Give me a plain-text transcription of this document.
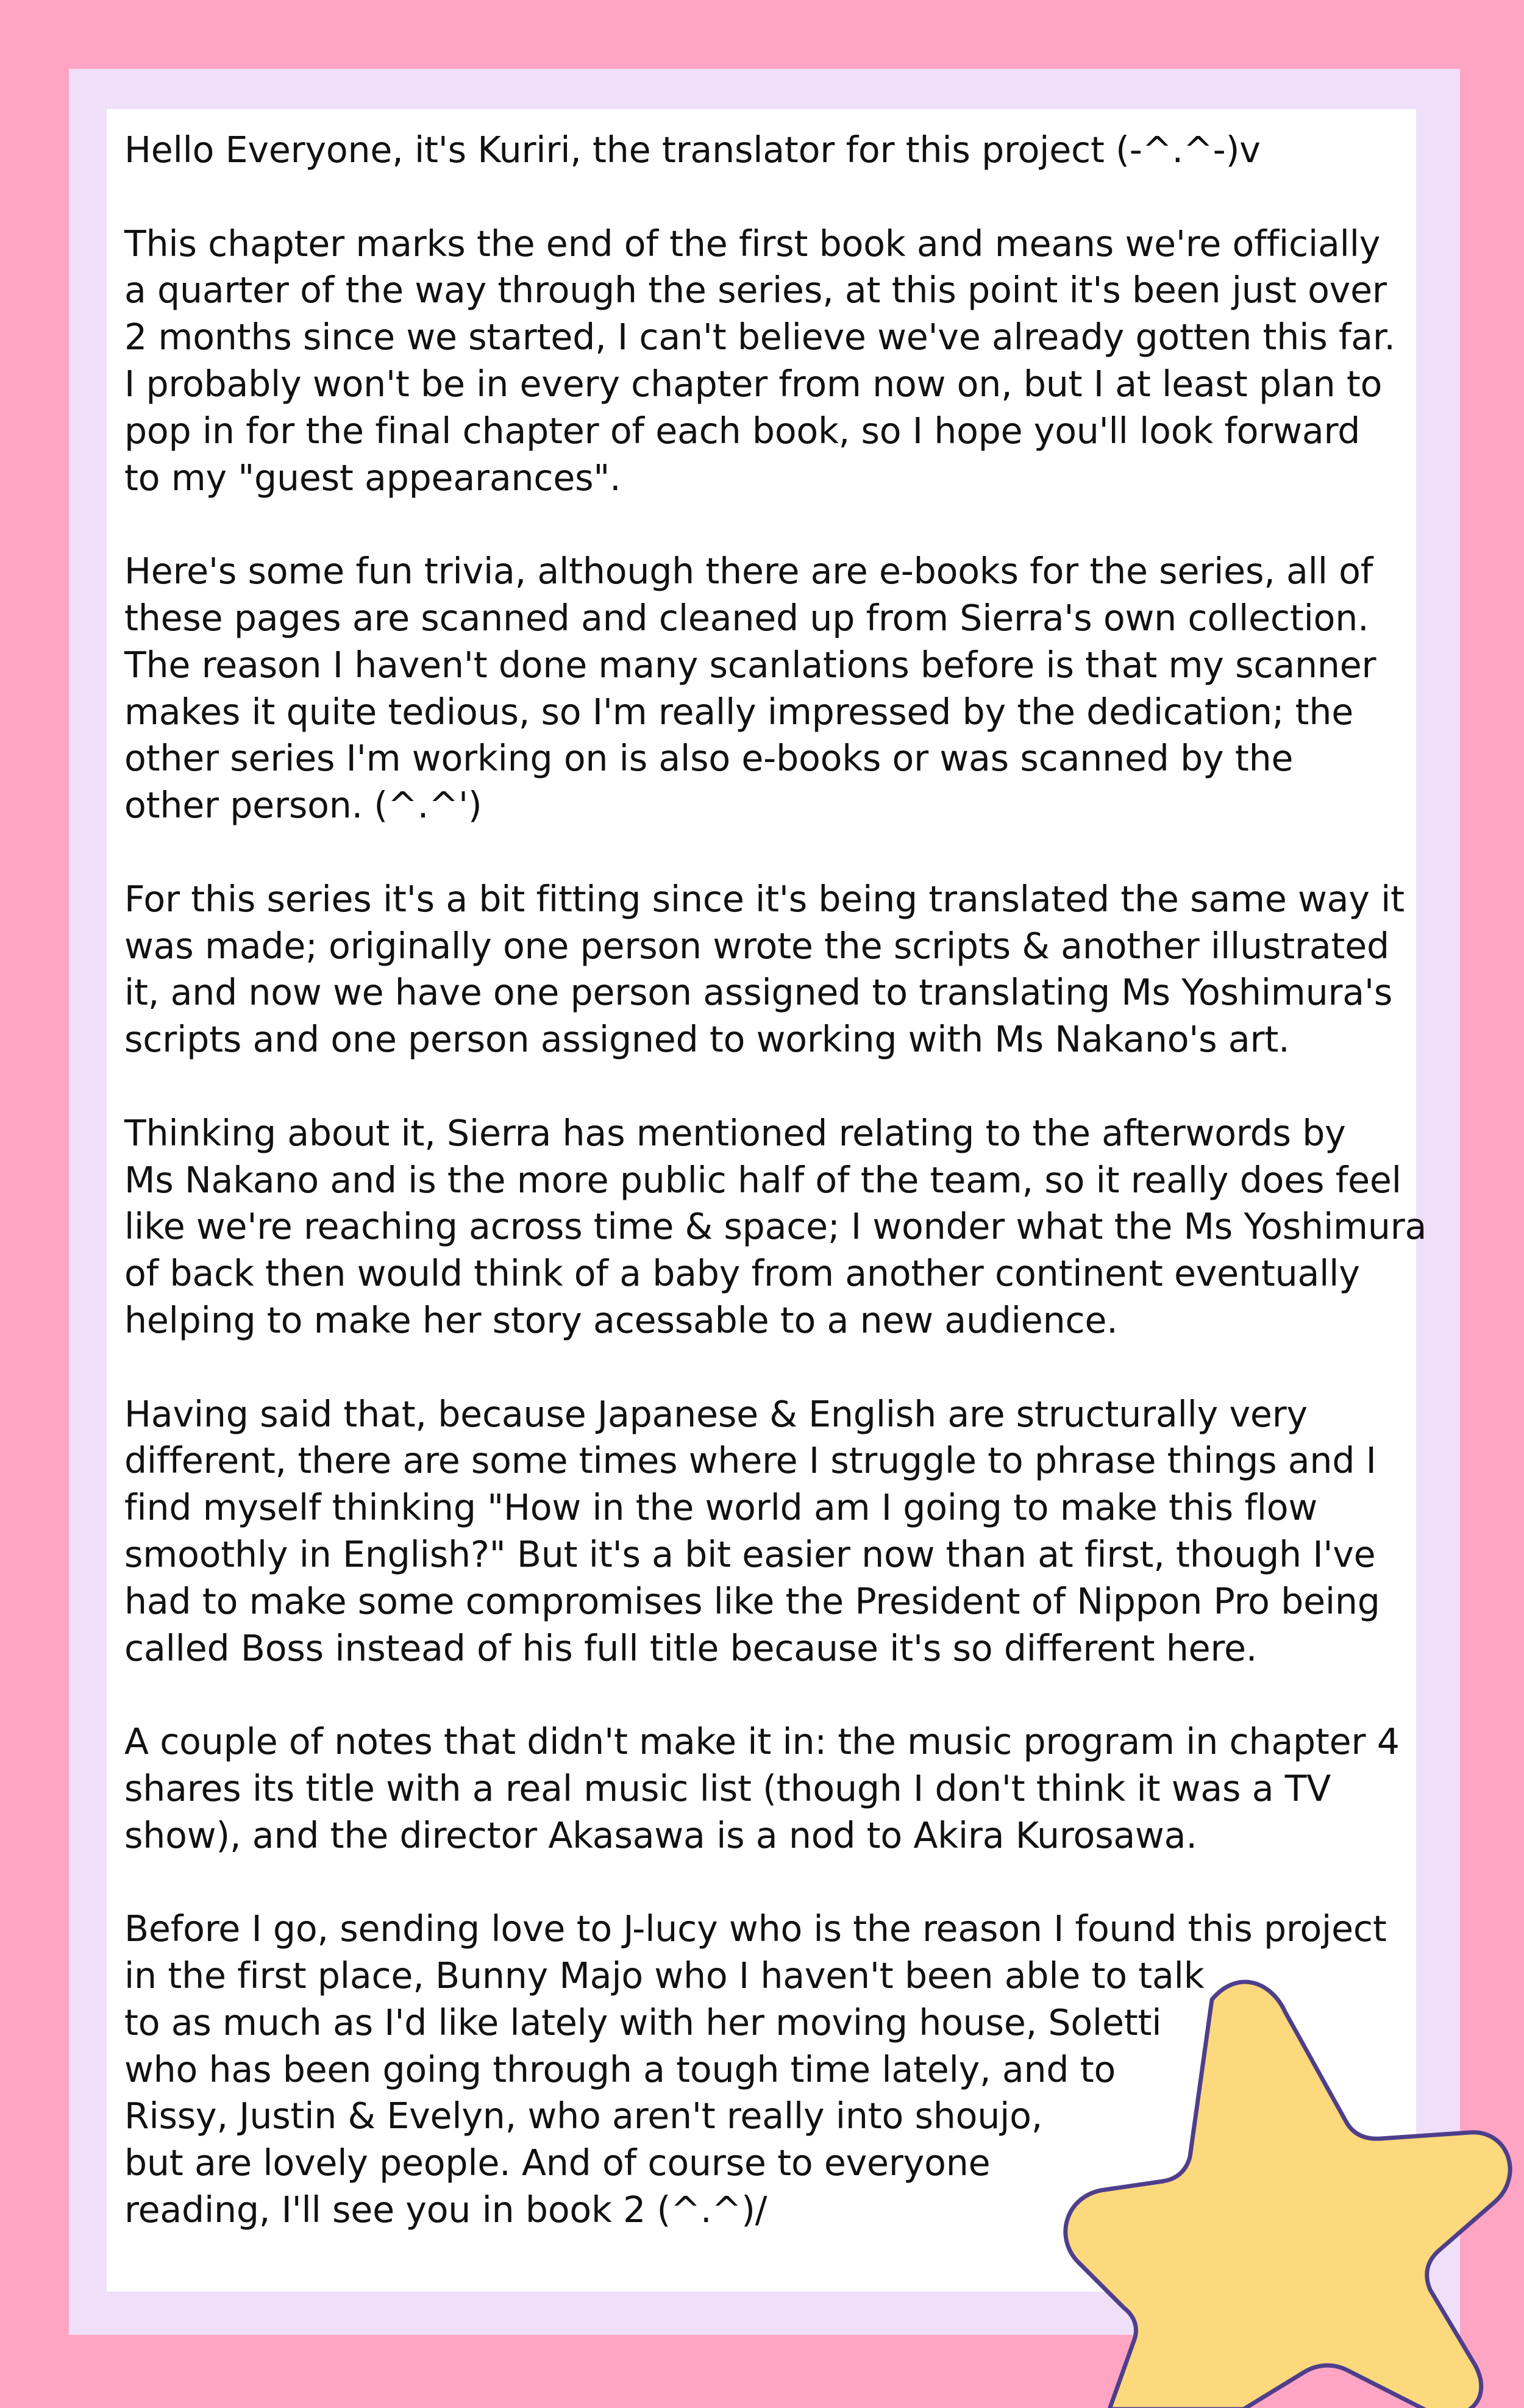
Hello Everyone, it's Kuriri, the translator for this project (-^.^-)v
This chapter marks the end of the first book and means we're officially
a quarter of the way through the series, at this point it's been just over
2 months since we started, I can't believe we've already gotten this far.
I probably won't be in every chapter from now on, but I at least plan to
pop in for the final chapter of each book, so I hope you'll look forward
to my "guest appearances".
Here's some fun trivia, although there are e-books for the series, all of
these pages are scanned and cleaned up from Sierra's own collection.
The reason I haven't done many scanlations before is that my scanner
makes it quite tedious, so I'm really impressed by the dedication; the
other series I'm working on is also e-books or was scanned by the
other person. (^.^')
For this series it's a bit fitting since it's being translated the same way it
was made; originally one person wrote the scripts & another illustrated
it, and now we have one person assigned to translating Ms Yoshimura's
scripts and one person assigned to working with Ms Nakano's art.
Thinking about it, Sierra has mentioned relating to the afterwords by
Ms Nakano and is the more public half of the team, so it really does feel
like we're reaching across time & space; I wonder what the Ms Yoshimura
of back then would think of a baby from another continent eventually
helping to make her story acessable to a new audience.
Having said that, because Japanese & English are structurally very
different, there are some times where I struggle to phrase things and I
find myself thinking "How in the world am I going to make this flow
smoothly in English?" But it's a bit easier now than at first, though I've
had to make some compromises like the President of Nippon Pro being
called Boss instead of his full title because it's so different here.
A couple of notes that didn't make it in: the music program in chapter 4
shares its title with a real music list (though I don't think it was a TV
show), and the director Akasawa is a nod to Akira Kurosawa.
Before I go, sending love to J-lucy who is the reason I found this project
in the first place, Bunny Majo who I haven't been able to talk
to as much as I'd like lately with her moving house, Soletti
who has been going through a tough time lately, and to
Rissy, Justin & Evelyn, who aren't really into shoujo,
but are lovely people. And of course to everyone
reading, I'll see you in book 2 (^.^)/
